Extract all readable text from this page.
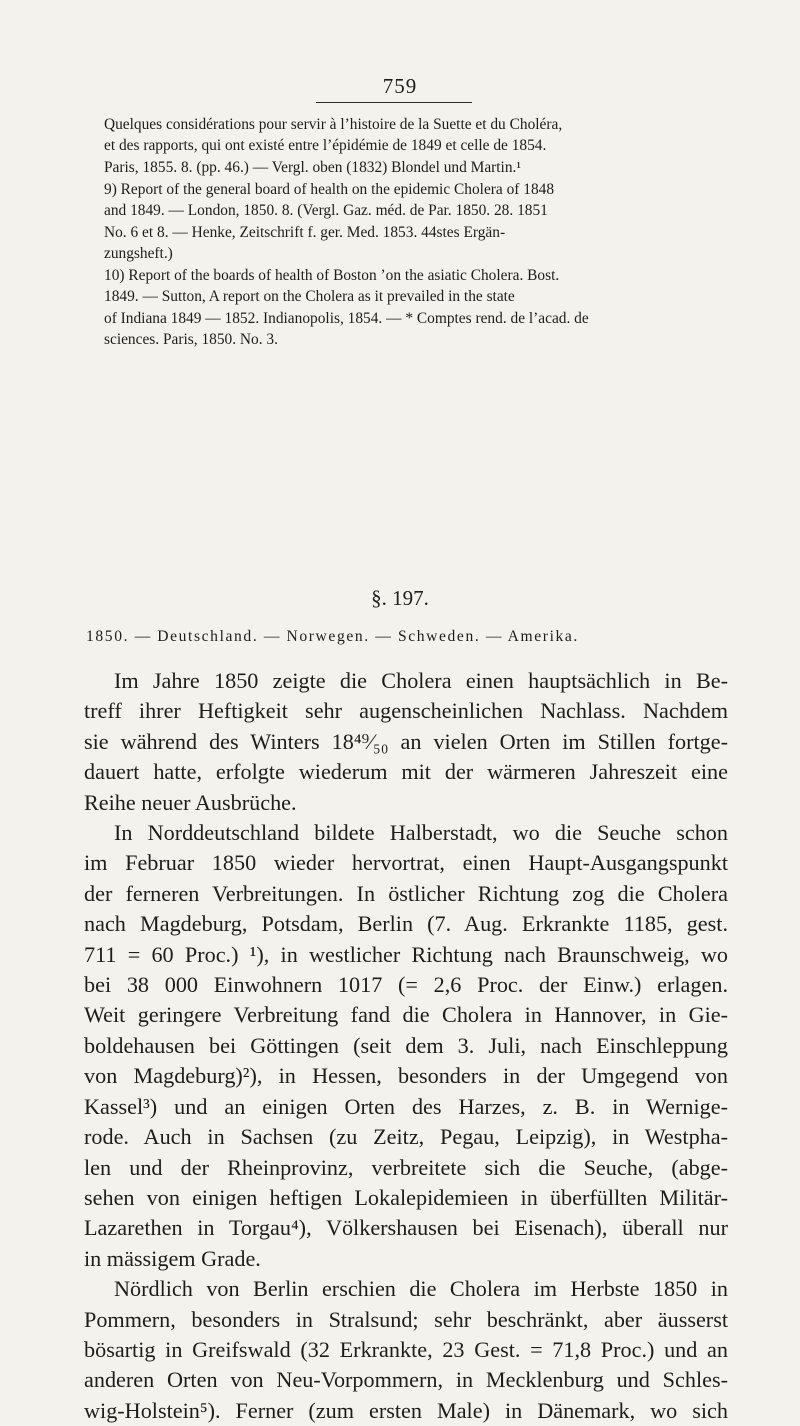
759
Quelques considérations pour servir à l’histoire de la Suette et du Choléra,
et des rapports, qui ont existé entre l’épidémie de 1849 et celle de 1854.
Paris, 1855. 8. (pp. 46.) — Vergl. oben (1832) Blondel und Martin.¹
9) Report of the general board of health on the epidemic Cholera of 1848
and 1849. — London, 1850. 8. (Vergl. Gaz. méd. de Par. 1850. 28. 1851
No. 6 et 8. — Henke, Zeitschrift f. ger. Med. 1853. 44stes Ergän-
zungsheft.)
10) Report of the boards of health of Boston ’on the asiatic Cholera. Bost.
1849. — Sutton, A report on the Cholera as it prevailed in the state
of Indiana 1849 — 1852. Indianopolis, 1854. — * Comptes rend. de l’acad. de
sciences. Paris, 1850. No. 3.
§. 197.
1850. — Deutschland. — Norwegen. — Schweden. — Amerika.
Im Jahre 1850 zeigte die Cholera einen hauptsächlich in Be-
treff ihrer Heftigkeit sehr augenscheinlichen Nachlass. Nachdem
sie während des Winters 18⁴⁹⁄₅₀ an vielen Orten im Stillen fortge-
dauert hatte, erfolgte wiederum mit der wärmeren Jahreszeit eine
Reihe neuer Ausbrüche.
In Norddeutschland bildete Halberstadt, wo die Seuche schon
im Februar 1850 wieder hervortrat, einen Haupt-Ausgangspunkt
der ferneren Verbreitungen. In östlicher Richtung zog die Cholera
nach Magdeburg, Potsdam, Berlin (7. Aug. Erkrankte 1185, gest.
711 = 60 Proc.) ¹), in westlicher Richtung nach Braunschweig, wo
bei 38 000 Einwohnern 1017 (= 2,6 Proc. der Einw.) erlagen.
Weit geringere Verbreitung fand die Cholera in Hannover, in Gie-
boldehausen bei Göttingen (seit dem 3. Juli, nach Einschleppung
von Magdeburg)²), in Hessen, besonders in der Umgegend von
Kassel³) und an einigen Orten des Harzes, z. B. in Wernige-
rode. Auch in Sachsen (zu Zeitz, Pegau, Leipzig), in Westpha-
len und der Rheinprovinz, verbreitete sich die Seuche, (abge-
sehen von einigen heftigen Lokalepidemieen in überfüllten Militär-
Lazarethen in Torgau⁴), Völkershausen bei Eisenach), überall nur
in mässigem Grade.
Nördlich von Berlin erschien die Cholera im Herbste 1850 in
Pommern, besonders in Stralsund; sehr beschränkt, aber äusserst
bösartig in Greifswald (32 Erkrankte, 23 Gest. = 71,8 Proc.) und an
anderen Orten von Neu-Vorpommern, in Mecklenburg und Schles-
wig-Holstein⁵). Ferner (zum ersten Male) in Dänemark, wo sich
